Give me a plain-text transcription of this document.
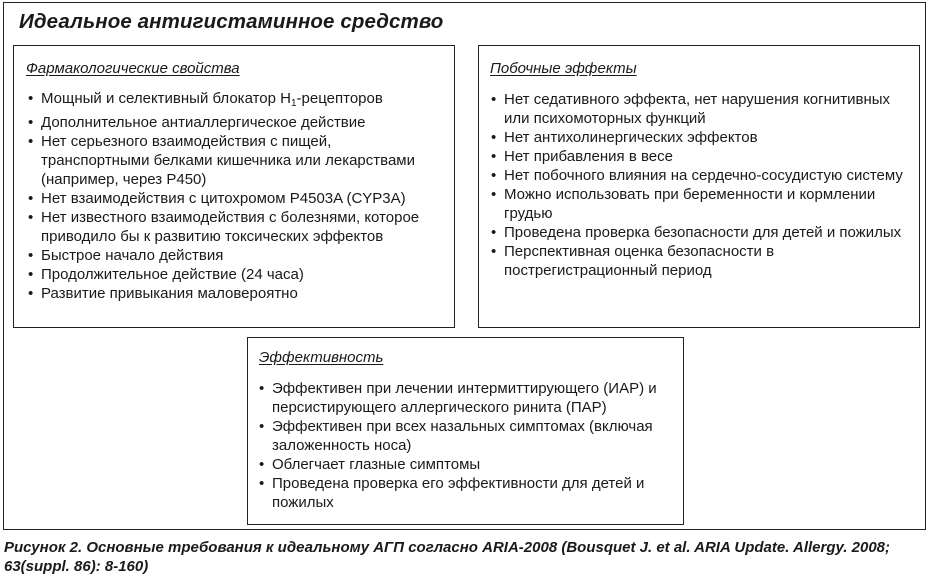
Идеальное антигистаминное средство
Фармакологические свойства
• Мощный и селективный блокатор $H_1$-рецепторов
• Дополнительное антиаллергическое действие
• Нет серьезного взаимодействия с пищей, транспортными белками кишечника или лекарствами (например, через P450)
• Нет взаимодействия с цитохромом P4503A (CYP3A)
• Нет известного взаимодействия с болезнями, которое приводило бы к развитию токсических эффектов
• Быстрое начало действия
• Продолжительное действие (24 часа)
• Развитие привыкания маловероятно
Побочные эффекты
• Нет седативного эффекта, нет нарушения когнитивных или психомоторных функций
• Нет антихолинергических эффектов
• Нет прибавления в весе
• Нет побочного влияния на сердечно-сосудистую систему
• Можно использовать при беременности и кормлении грудью
• Проведена проверка безопасности для детей и пожилых
• Перспективная оценка безопасности в пострегистрационный период
Эффективность
• Эффективен при лечении интермиттирующего (ИАР) и персистирующего аллергического ринита (ПАР)
• Эффективен при всех назальных симптомах (включая заложенность носа)
• Облегчает глазные симптомы
• Проведена проверка его эффективности для детей и пожилых

Рисунок 2. Основные требования к идеальному АГП согласно ARIA-2008 (Bousquet J. et al. ARIA Update. Allergy. 2008; 63(suppl. 86): 8-160)
